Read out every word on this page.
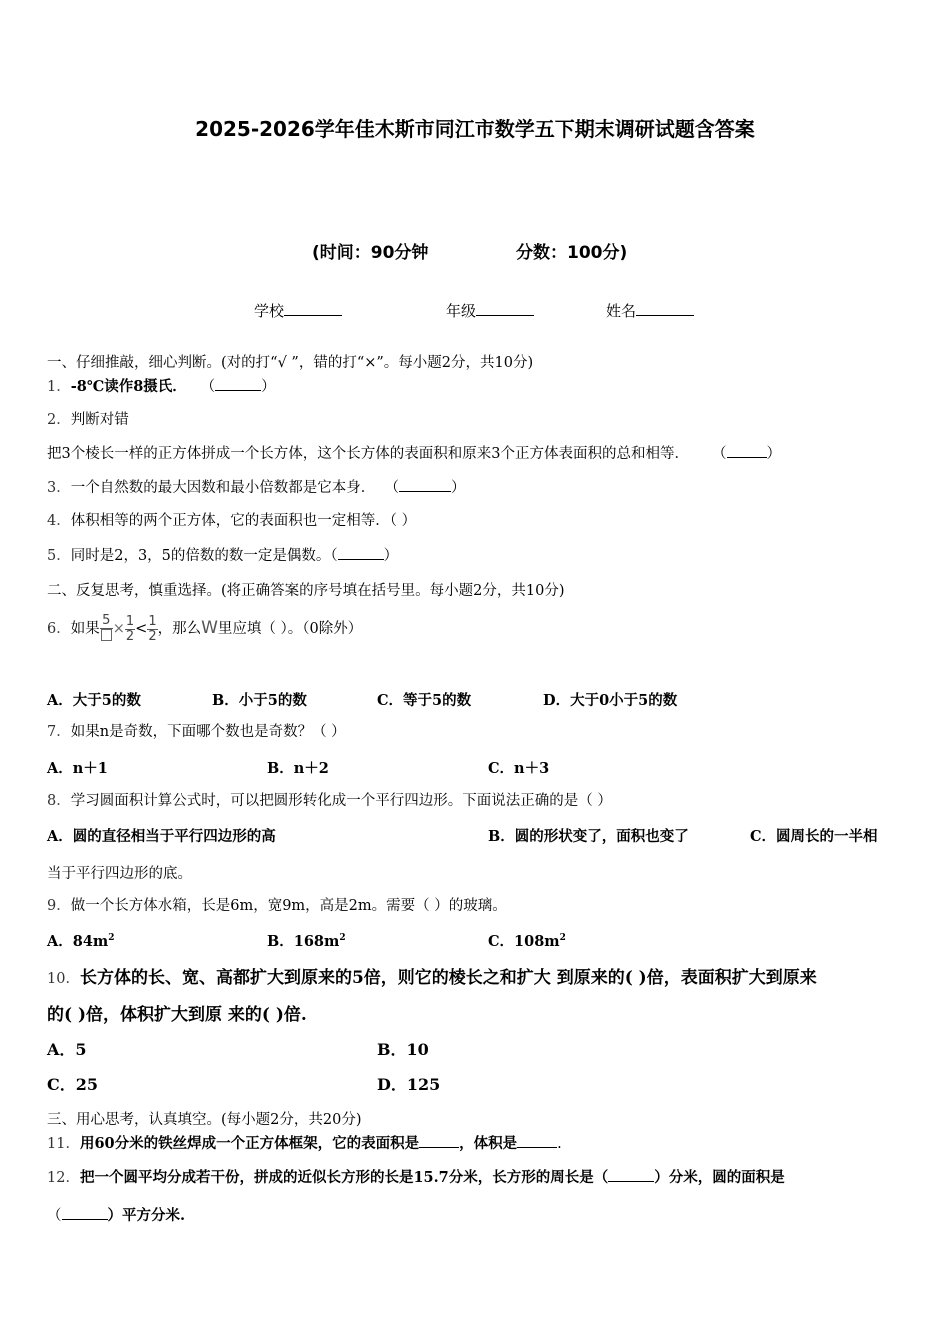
2025-2026学年佳木斯市同江市数学五下期末调研试题含答案
(时间：90分钟	分数：100分)
学校	年级	姓名
一、仔细推敲，细心判断。(对的打“√ ”，错的打“×”。每小题2分，共10分)
1．-8℃读作8摄氏． （	）
2．判断对错
把3个棱长一样的正方体拼成一个长方体，这个长方体的表面积和原来3个正方体表面积的总和相等． （	）
3．一个自然数的最大因数和最小倍数都是它本身． （	）
4．体积相等的两个正方体，它的表面积也一定相等．（ ）
5．同时是2，3，5的倍数的数一定是偶数。（	）
二、反复思考，慎重选择。(将正确答案的序号填在括号里。每小题2分，共10分)
6．如果
5
× $\frac{1}{2} < \frac{1}{2}$ ，那么W里应填（ ）。（0除外）
A．大于5的数	B．小于5的数	C．等于5的数	D．大于0小于5的数
7．如果n是奇数，下面哪个数也是奇数？（ ）
A．n＋1	B．n＋2	C．n＋3
8．学习圆面积计算公式时，可以把圆形转化成一个平行四边形。下面说法正确的是（ ）
A．圆的直径相当于平行四边形的高	B．圆的形状变了，面积也变了	C．圆周长的一半相
当于平行四边形的底。
9．做一个长方体水箱，长是6m，宽9m，高是2m。需要（ ）的玻璃。
A．$84m^2$	B．$168m^2$	C．$108m^2$
10．长方体的长、宽、高都扩大到原来的5倍，则它的棱长之和扩大 到原来的( )倍，表面积扩大到原来
的( )倍，体积扩大到原 来的( )倍.
A．5	B．10
C．25	D．125
三、用心思考，认真填空。(每小题2分，共20分)
11．用60分米的铁丝焊成一个正方体框架，它的表面积是	，体积是	.
12．把一个圆平均分成若干份，拼成的近似长方形的长是15.7分米，长方形的周长是（	）分米，圆的面积是
（	）平方分米.
